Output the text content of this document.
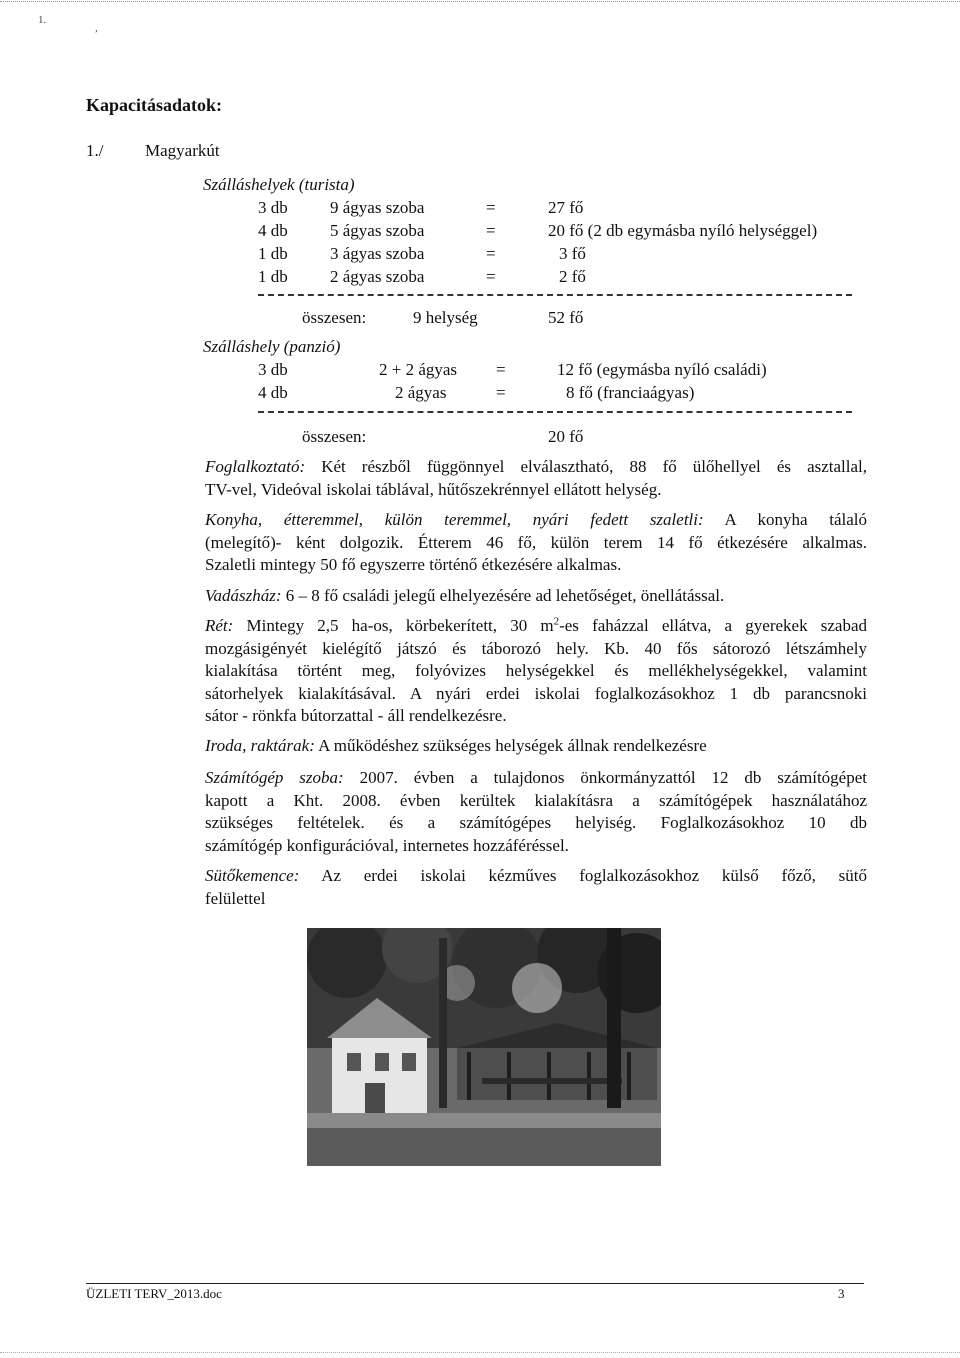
1.
,
Kapacitásadatok:
1./ Magyarkút
Szálláshelyek (turista)
3 db 9 ágyas szoba	=	27 fő
4 db 5 ágyas szoba	=	20 fő (2 db egymásba nyíló helységgel)
1 db 3 ágyas szoba	=	3 fő
1 db 2 ágyas szoba	=	2 fő
összesen:	9 helység	52 fő
Szálláshely (panzió)
3 db	2 + 2 ágyas =	12 fő (egymásba nyíló családi)
4 db	2 ágyas	=	8 fő (franciaágyas)
összesen:	20 fő

Foglalkoztató: Két részből függönnyel elválasztható, 88 fő ülőhellyel és asztallal,

TV-vel, Videóval iskolai táblával, hűtőszekrénnyel ellátott helység.

Konyha, étteremmel, külön teremmel, nyári fedett szaletli: A konyha tálaló

(melegítő)- ként dolgozik. Étterem 46 fő, külön terem 14 fő étkezésére alkalmas.

Szaletli mintegy 50 fő egyszerre történő étkezésére alkalmas.

Vadászház: 6 – 8 fő családi jelegű elhelyezésére ad lehetőséget, önellátással.

Rét: Mintegy 2,5 ha-os, körbekerített, 30 $m^2-es$ faházzal ellátva, a gyerekek szabad

mozgásigényét kielégítő játszó és táborozó hely. Kb. 40 fős sátorozó létszámhely

kialakítása történt meg, folyóvizes helységekkel és mellékhelységekkel, valamint

sátorhelyek kialakításával. A nyári erdei iskolai foglalkozásokhoz 1 db parancsnoki

sátor - rönkfa bútorzattal - áll rendelkezésre.

Iroda, raktárak: A működéshez szükséges helységek állnak rendelkezésre

Számítógép szoba: 2007. évben a tulajdonos önkormányzattól 12 db számítógépet

kapott a Kht. 2008. évben kerültek kialakításra a számítógépek használatához

szükséges feltételek. és a számítógépes helyiség. Foglalkozásokhoz 10 db

számítógép konfigurációval, internetes hozzáféréssel.

Sütőkemence: Az erdei iskolai kézműves foglalkozásokhoz külső főző, sütő

felülettel

ÜZLETI TERV_2013.doc	3
